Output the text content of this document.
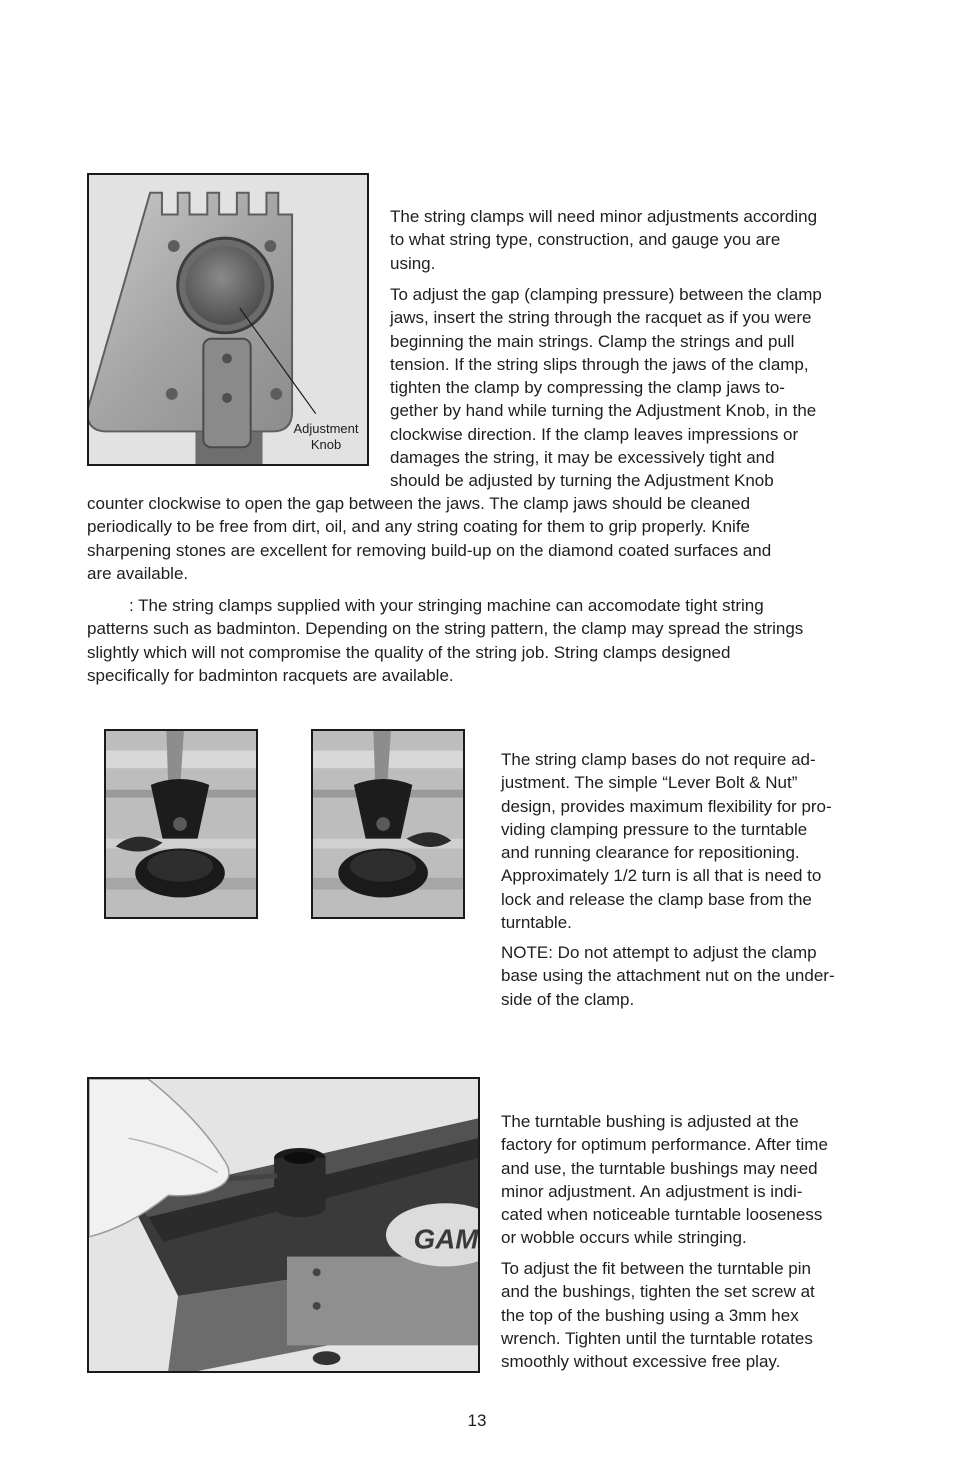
Adjustment
Knob

The string clamps will need minor adjustments according

to what string type, construction, and gauge you are

using.

To adjust the gap (clamping pressure) between the clamp

jaws, insert the string through the racquet as if you were

beginning the main strings. Clamp the strings and pull

tension. If the string slips through the jaws of the clamp,

tighten the clamp by compressing the clamp jaws to-

gether by hand while turning the Adjustment Knob, in the

clockwise direction. If the clamp leaves impressions or

damages the string, it may be excessively tight and

should be adjusted by turning the Adjustment Knob

counter clockwise to open the gap between the jaws. The clamp jaws should be cleaned

periodically to be free from dirt, oil, and any string coating for them to grip properly. Knife

sharpening stones are excellent for removing build-up on the diamond coated surfaces and

are available.

: The string clamps supplied with your stringing machine can accomodate tight string

patterns such as badminton. Depending on the string pattern, the clamp may spread the strings

slightly which will not compromise the quality of the string job. String clamps designed

specifically for badminton racquets are available.

The string clamp bases do not require ad-

justment. The simple “Lever Bolt & Nut”

design, provides maximum flexibility for pro-

viding clamping pressure to the turntable

and running clearance for repositioning.

Approximately 1/2 turn is all that is need to

lock and release the clamp base from the

turntable.

NOTE: Do not attempt to adjust the clamp

base using the attachment nut on the under-

side of the clamp.

GAM

The turntable bushing is adjusted at the

factory for optimum performance. After time

and use, the turntable bushings may need

minor adjustment. An adjustment is indi-

cated when noticeable turntable looseness

or wobble occurs while stringing.

To adjust the fit between the turntable pin

and the bushings, tighten the set screw at

the top of the bushing using a 3mm hex

wrench. Tighten until the turntable rotates

smoothly without excessive free play.

13
